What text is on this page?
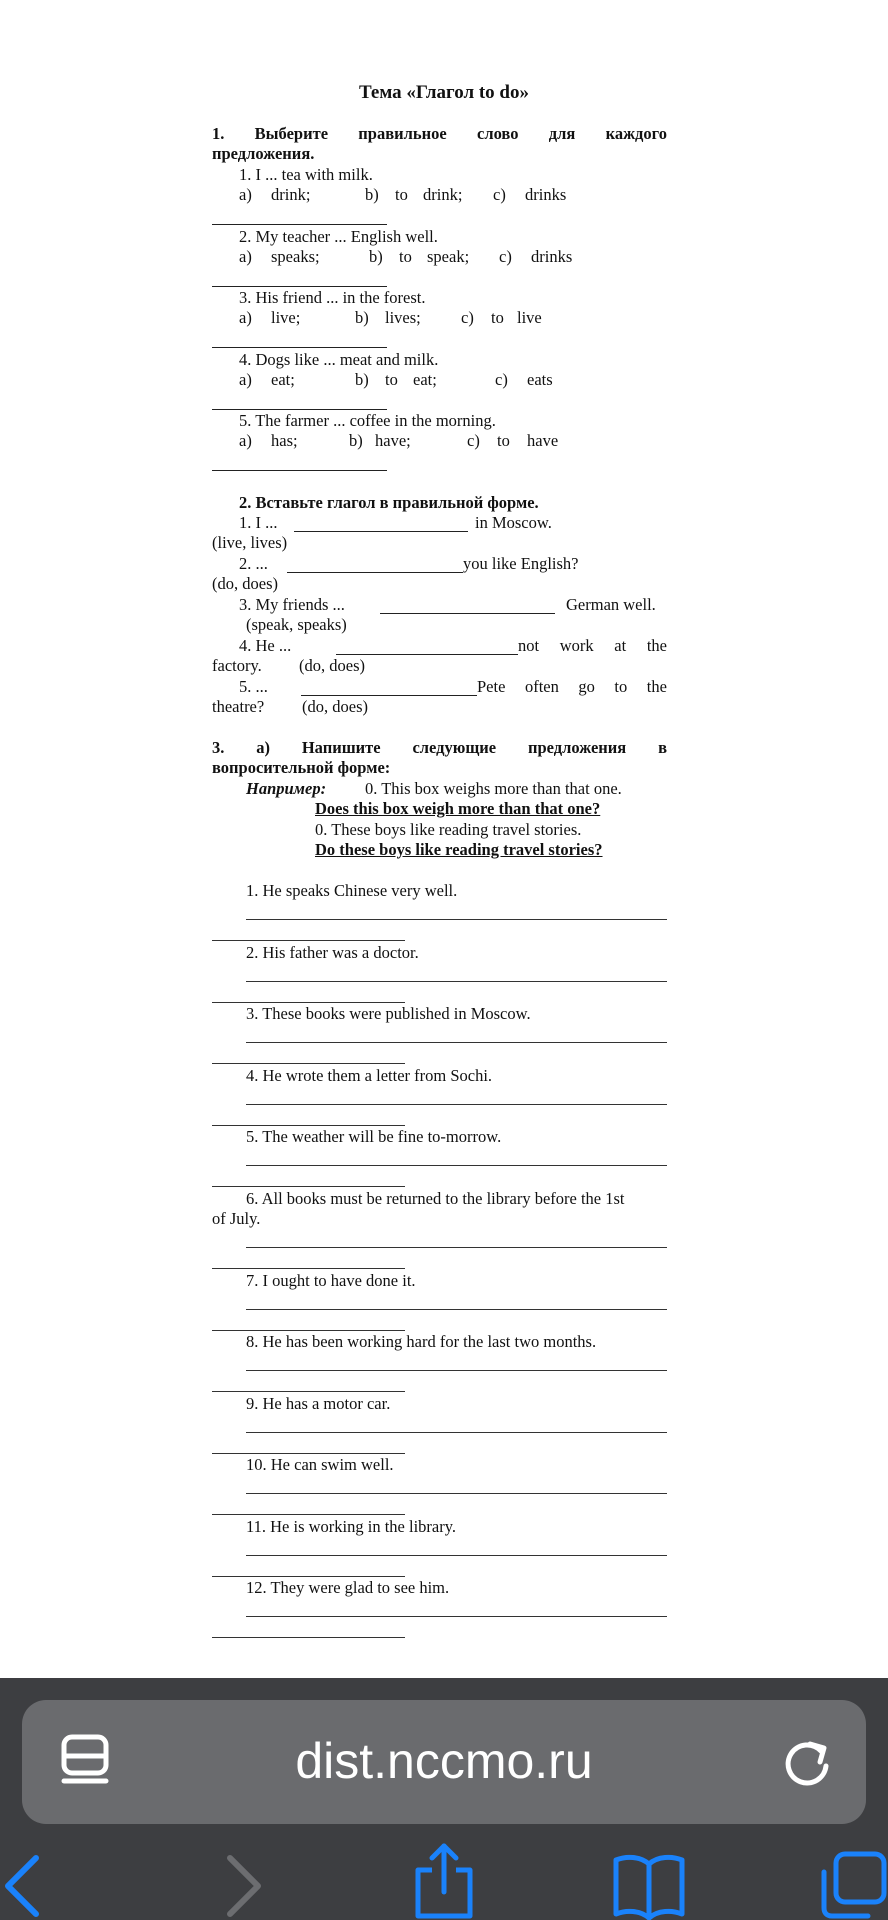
Тема «Глагол to do»
1. Выберите правильное слово для каждого
предложения.
1. I ... tea with milk.
a)	drink;	b) to drink;	c)	drinks
2. My teacher ... English well.
a)	speaks;	b) to speak;	c)	drinks
3. His friend ... in the forest.
a)	live;	b) lives;	c)	to live
4. Dogs like ... meat and milk.
a)	eat;	b) to eat;	c)	eats
5. The farmer ... coffee in the morning.
a)	has;	b) have;	c)	to	have
2. Вставьте глагол в правильной форме.
1. I ...	in Moscow.
(live, lives)
2. ...	you like English?
(do, does)
3. My friends ...	German well.
(speak, speaks)
4. He ...	not work at the
factory. (do, does)
5. ...	Pete often go to the
theatre? (do, does)
3. а) Напишите следующие предложения в
вопросительной форме:
Например: 0. This box weighs more than that one.
Does this box weigh more than that one?
0. These boys like reading travel stories.
Do these boys like reading travel stories?
1. He speaks Chinese very well.
2. His father was a doctor.
3. These books were published in Moscow.
4. He wrote them a letter from Sochi.
5. The weather will be fine to-morrow.
6. All books must be returned to the library before the 1st
of July.
7. I ought to have done it.
8. He has been working hard for the last two months.
9. He has a motor car.
10. He can swim well.
11. He is working in the library.
12. They were glad to see him.
dist.nccmo.ru
